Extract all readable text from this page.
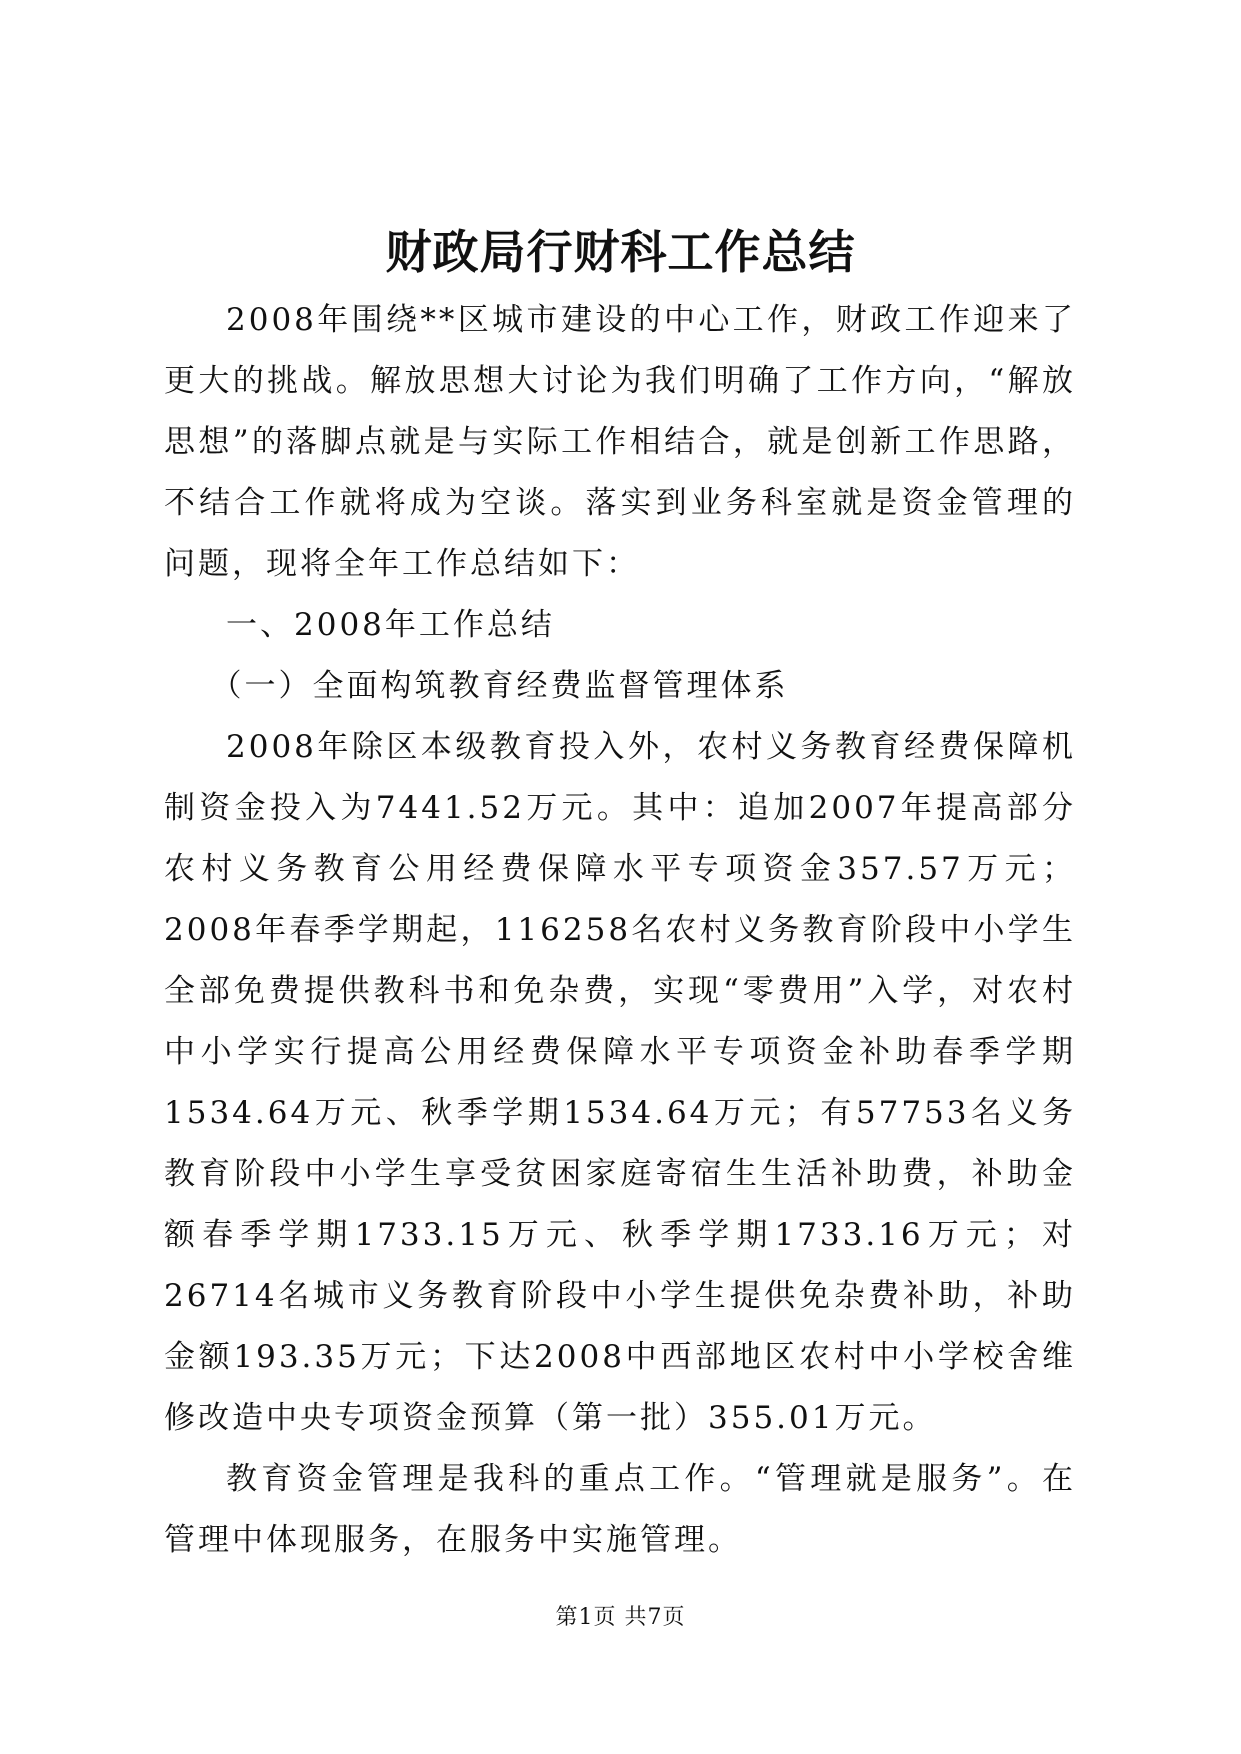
财政局行财科工作总结

2008年围绕**区城市建设的中心工作，财政工作迎来了更大的挑战。解放思想大讨论为我们明确了工作方向，“解放思想”的落脚点就是与实际工作相结合，就是创新工作思路，不结合工作就将成为空谈。落实到业务科室就是资金管理的问题，现将全年工作总结如下：

一、2008年工作总结

（一）全面构筑教育经费监督管理体系

2008年除区本级教育投入外，农村义务教育经费保障机制资金投入为7441.52万元。其中：追加2007年提高部分农村义务教育公用经费保障水平专项资金357.57万元；2008年春季学期起，116258名农村义务教育阶段中小学生全部免费提供教科书和免杂费，实现“零费用”入学，对农村中小学实行提高公用经费保障水平专项资金补助春季学期1534.64万元、秋季学期1534.64万元；有57753名义务教育阶段中小学生享受贫困家庭寄宿生生活补助费，补助金额春季学期1733.15万元、秋季学期1733.16万元；对26714名城市义务教育阶段中小学生提供免杂费补助，补助金额193.35万元；下达2008中西部地区农村中小学校舍维修改造中央专项资金预算（第一批）355.01万元。

教育资金管理是我科的重点工作。“管理就是服务”。在管理中体现服务，在服务中实施管理。

第1页 共7页
